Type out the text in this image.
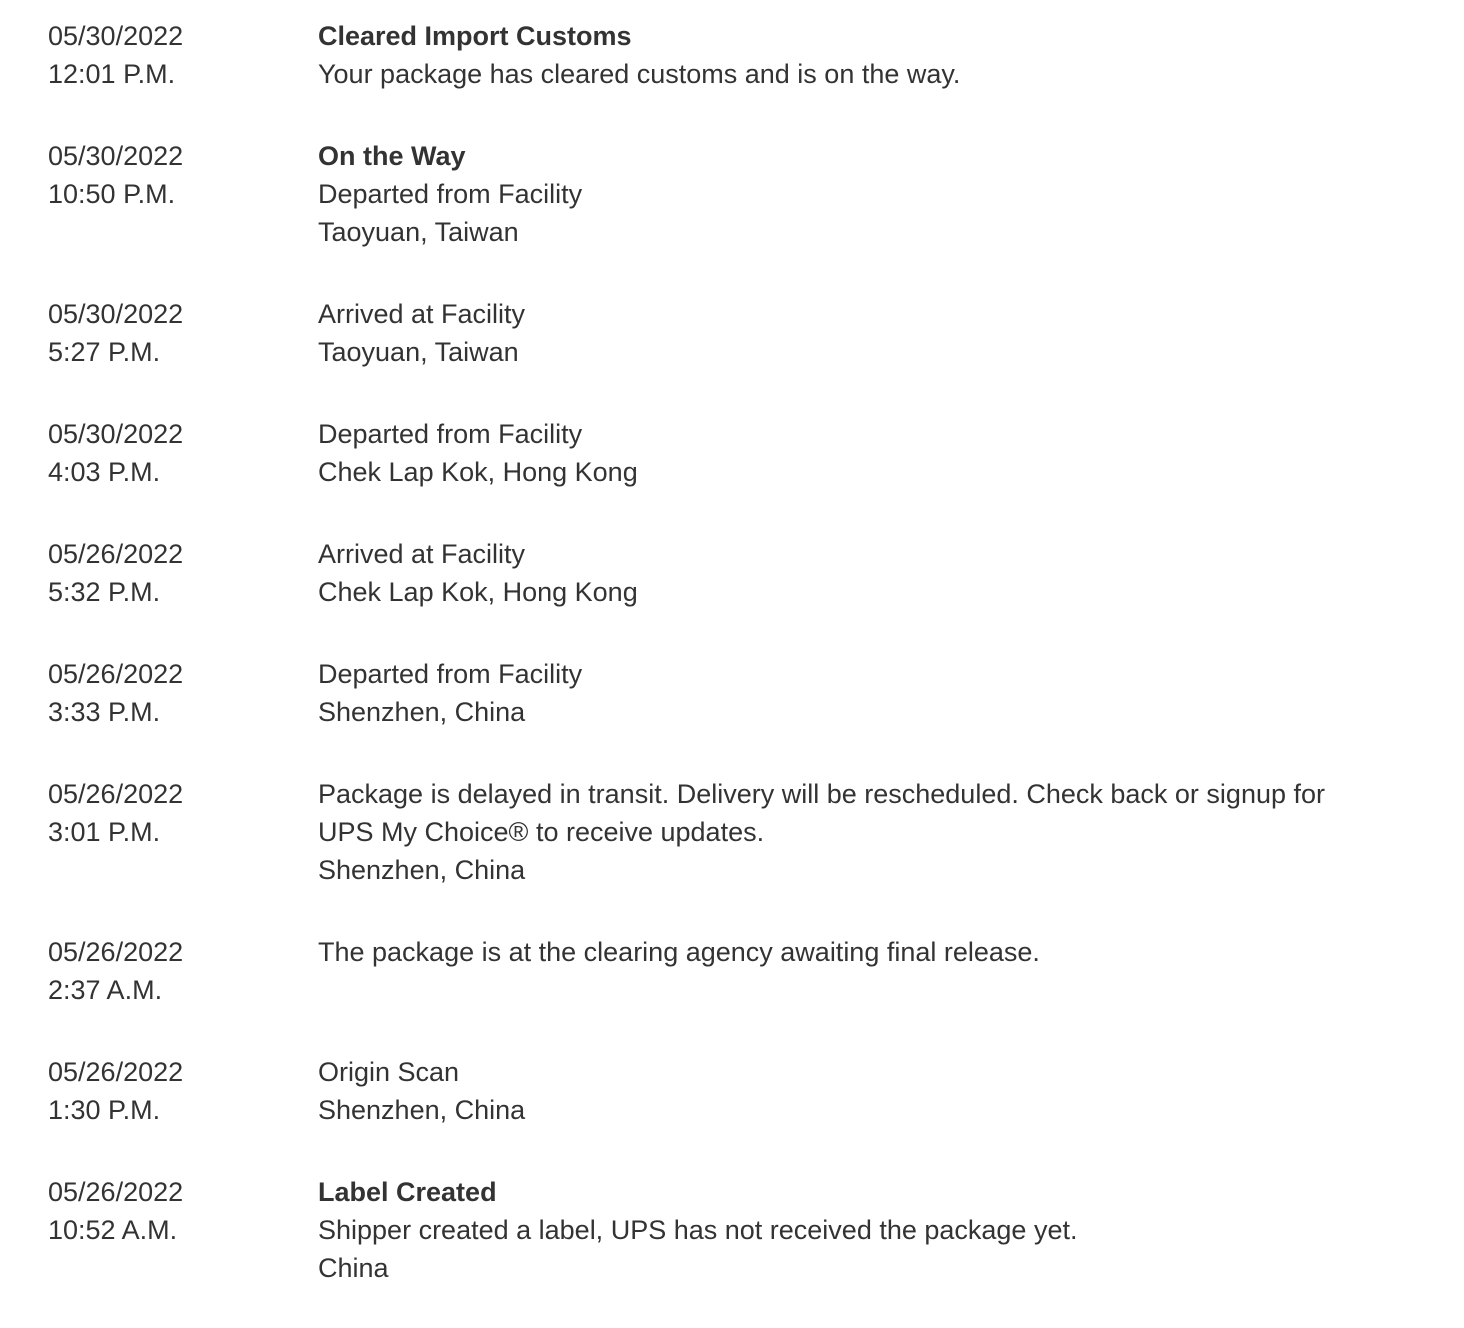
05/30/2022
12:01 P.M.
Cleared Import Customs
Your package has cleared customs and is on the way.
05/30/2022
10:50 P.M.
On the Way
Departed from Facility
Taoyuan, Taiwan
05/30/2022
5:27 P.M.
Arrived at Facility
Taoyuan, Taiwan
05/30/2022
4:03 P.M.
Departed from Facility
Chek Lap Kok, Hong Kong
05/26/2022
5:32 P.M.
Arrived at Facility
Chek Lap Kok, Hong Kong
05/26/2022
3:33 P.M.
Departed from Facility
Shenzhen, China
05/26/2022
3:01 P.M.
Package is delayed in transit. Delivery will be rescheduled. Check back or signup for UPS My Choice® to receive updates.
Shenzhen, China
05/26/2022
2:37 A.M.
The package is at the clearing agency awaiting final release.
05/26/2022
1:30 P.M.
Origin Scan
Shenzhen, China
05/26/2022
10:52 A.M.
Label Created
Shipper created a label, UPS has not received the package yet.
China
